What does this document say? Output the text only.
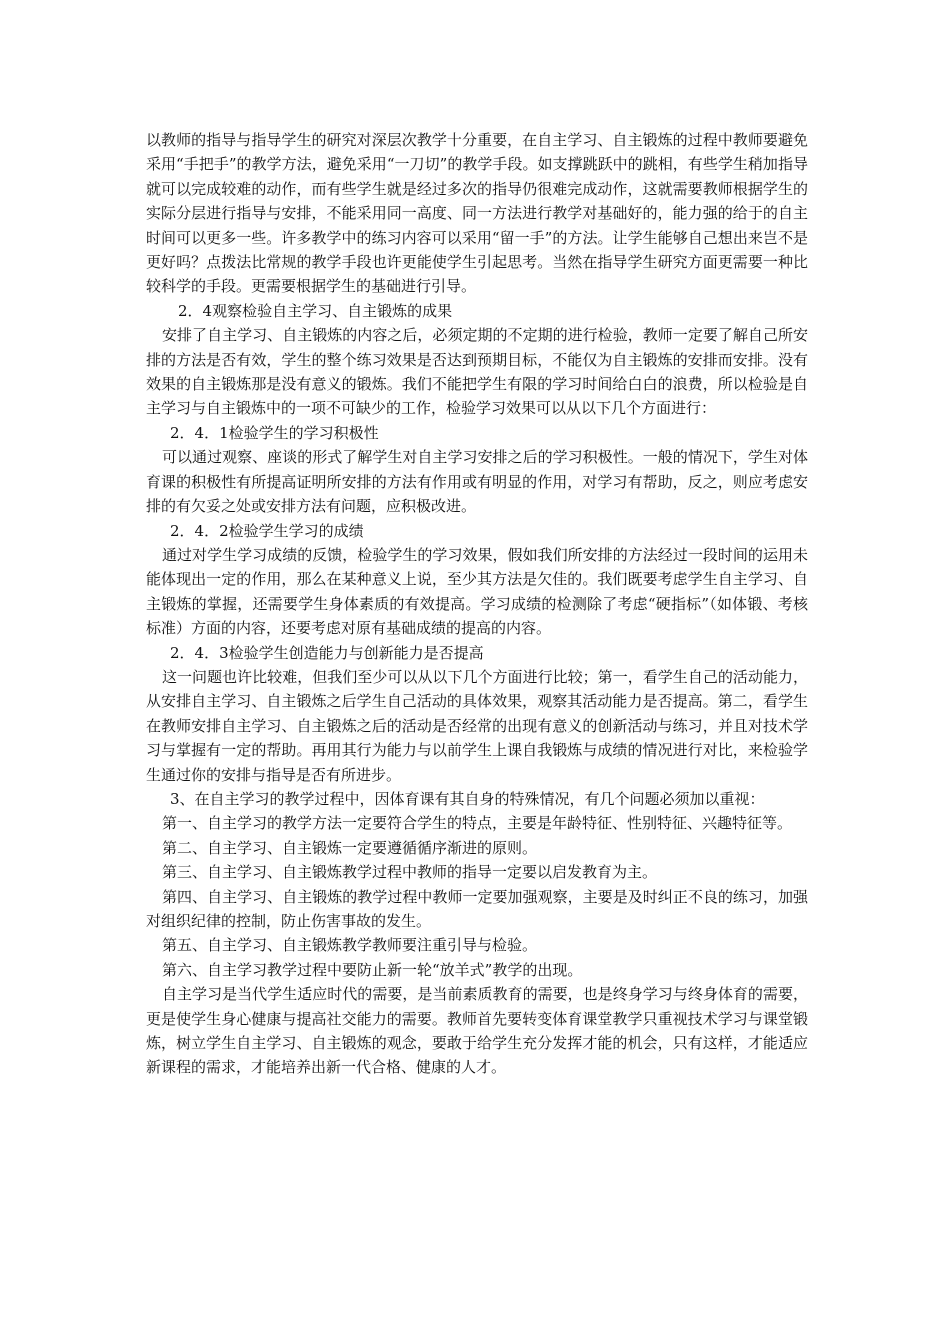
以教师的指导与指导学生的研究对深层次教学十分重要，在自主学习、自主锻炼的过程中教师要避免采用“手把手”的教学方法，避免采用“一刀切”的教学手段。如支撑跳跃中的跳相，有些学生稍加指导就可以完成较难的动作，而有些学生就是经过多次的指导仍很难完成动作，这就需要教师根据学生的实际分层进行指导与安排，不能采用同一高度、同一方法进行教学对基础好的，能力强的给于的自主时间可以更多一些。许多教学中的练习内容可以采用“留一手”的方法。让学生能够自己想出来岂不是更好吗？点拨法比常规的教学手段也许更能使学生引起思考。当然在指导学生研究方面更需要一种比较科学的手段。更需要根据学生的基础进行引导。

2．4观察检验自主学习、自主锻炼的成果

安排了自主学习、自主锻炼的内容之后，必须定期的不定期的进行检验，教师一定要了解自己所安排的方法是否有效，学生的整个练习效果是否达到预期目标，不能仅为自主锻炼的安排而安排。没有效果的自主锻炼那是没有意义的锻炼。我们不能把学生有限的学习时间给白白的浪费，所以检验是自主学习与自主锻炼中的一项不可缺少的工作，检验学习效果可以从以下几个方面进行：

2．4．1检验学生的学习积极性

可以通过观察、座谈的形式了解学生对自主学习安排之后的学习积极性。一般的情况下，学生对体育课的积极性有所提高证明所安排的方法有作用或有明显的作用，对学习有帮助，反之，则应考虑安排的有欠妥之处或安排方法有问题，应积极改进。

2．4．2检验学生学习的成绩

通过对学生学习成绩的反馈，检验学生的学习效果，假如我们所安排的方法经过一段时间的运用未能体现出一定的作用，那么在某种意义上说，至少其方法是欠佳的。我们既要考虑学生自主学习、自主锻炼的掌握，还需要学生身体素质的有效提高。学习成绩的检测除了考虑“硬指标”（如体锻、考核标准）方面的内容，还要考虑对原有基础成绩的提高的内容。

2．4．3检验学生创造能力与创新能力是否提高

这一问题也许比较难，但我们至少可以从以下几个方面进行比较；第一，看学生自己的活动能力，从安排自主学习、自主锻炼之后学生自己活动的具体效果，观察其活动能力是否提高。第二，看学生在教师安排自主学习、自主锻炼之后的活动是否经常的出现有意义的创新活动与练习，并且对技术学习与掌握有一定的帮助。再用其行为能力与以前学生上课自我锻炼与成绩的情况进行对比，来检验学生通过你的安排与指导是否有所进步。

3、在自主学习的教学过程中，因体育课有其自身的特殊情况，有几个问题必须加以重视：

第一、自主学习的教学方法一定要符合学生的特点，主要是年龄特征、性别特征、兴趣特征等。

第二、自主学习、自主锻炼一定要遵循循序渐进的原则。

第三、自主学习、自主锻炼教学过程中教师的指导一定要以启发教育为主。

第四、自主学习、自主锻炼的教学过程中教师一定要加强观察，主要是及时纠正不良的练习，加强对组织纪律的控制，防止伤害事故的发生。

第五、自主学习、自主锻炼教学教师要注重引导与检验。

第六、自主学习教学过程中要防止新一轮“放羊式”教学的出现。

自主学习是当代学生适应时代的需要，是当前素质教育的需要，也是终身学习与终身体育的需要，更是使学生身心健康与提高社交能力的需要。教师首先要转变体育课堂教学只重视技术学习与课堂锻炼，树立学生自主学习、自主锻炼的观念，要敢于给学生充分发挥才能的机会，只有这样，才能适应新课程的需求，才能培养出新一代合格、健康的人才。
